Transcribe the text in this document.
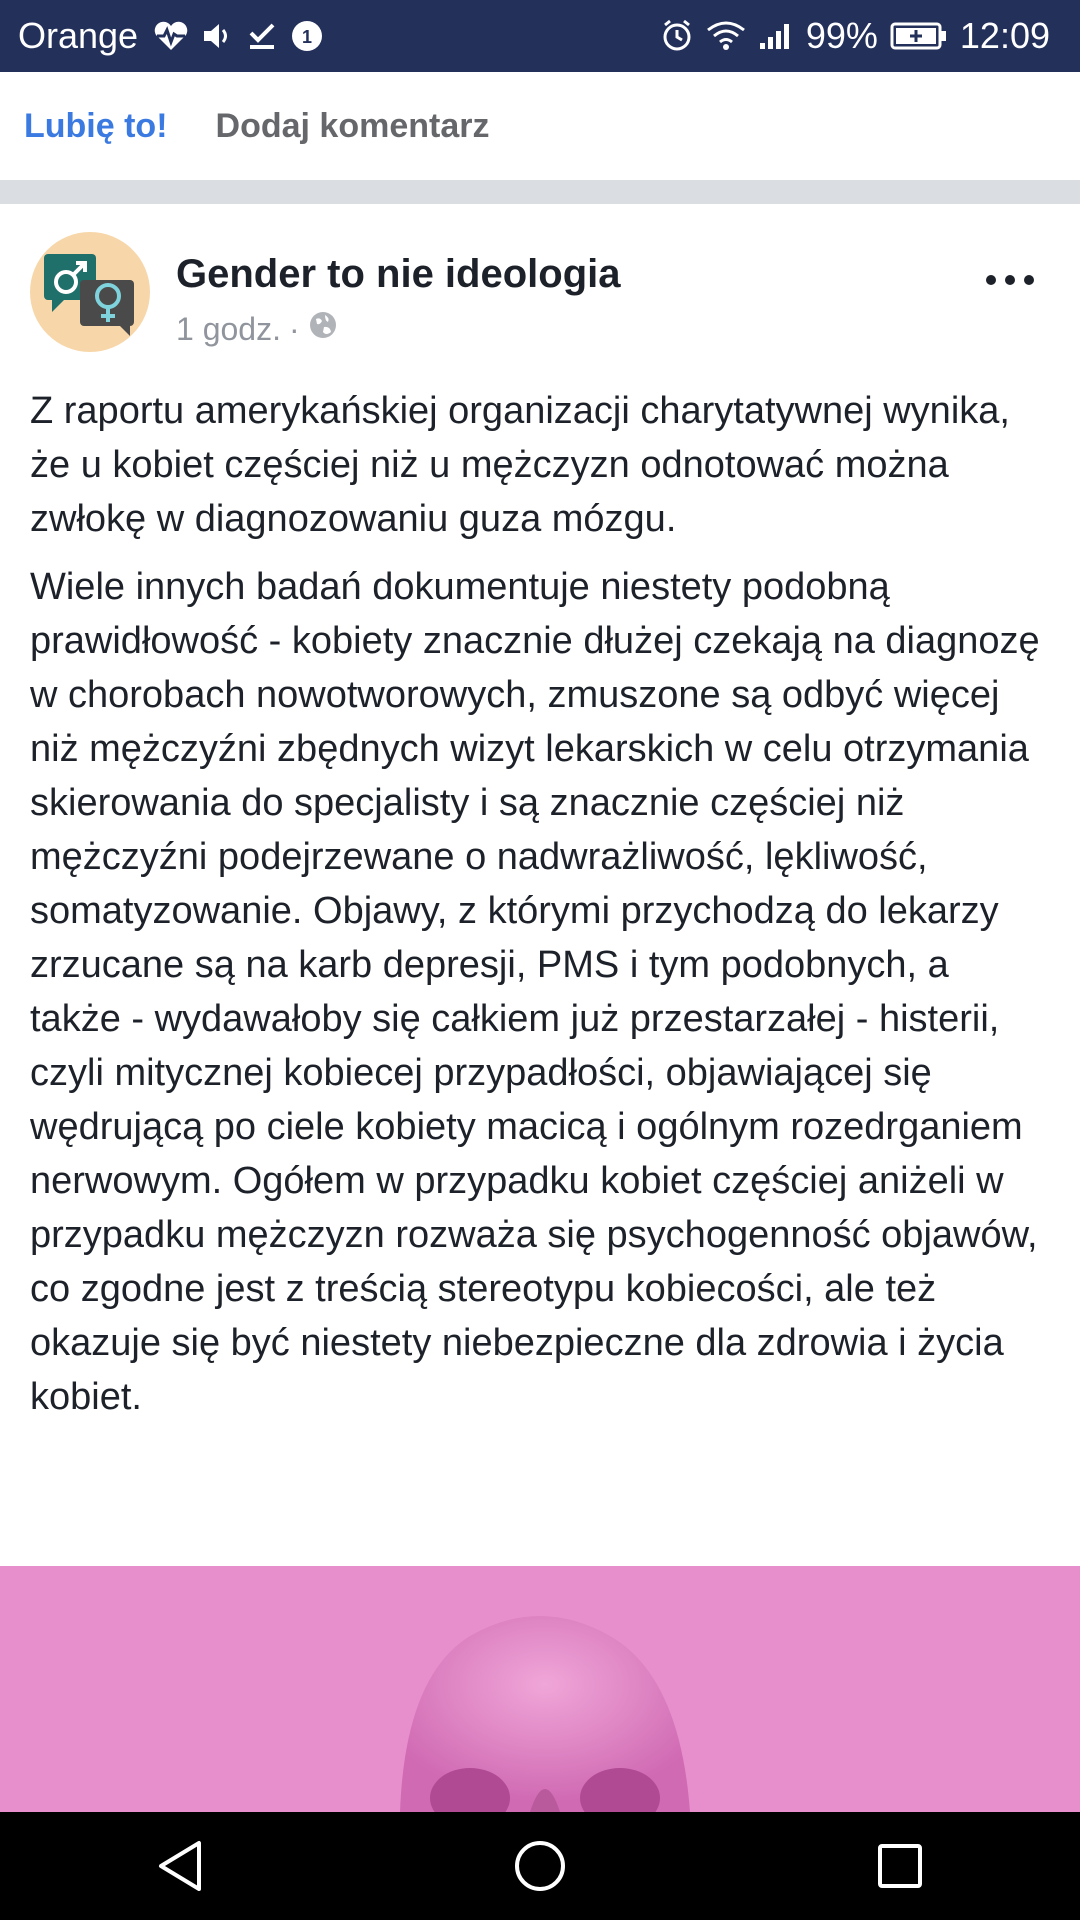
Orange	1	99% 12:09
Lubię to! Dodaj komentarz
Gender to nie ideologia
1 godz. ·

Z raportu amerykańskiej organizacji charytatywnej wynika, że u kobiet częściej niż u mężczyzn odnotować można zwłokę w diagnozowaniu guza mózgu.

Wiele innych badań dokumentuje niestety podobną prawidłowość - kobiety znacznie dłużej czekają na diagnozę w chorobach nowotworowych, zmuszone są odbyć więcej niż mężczyźni zbędnych wizyt lekarskich w celu otrzymania skierowania do specjalisty i są znacznie częściej niż mężczyźni podejrzewane o nadwrażliwość, lękliwość, somatyzowanie. Objawy, z którymi przychodzą do lekarzy zrzucane są na karb depresji, PMS i tym podobnych, a także - wydawałoby się całkiem już przestarzałej - histerii, czyli mitycznej kobiecej przypadłości, objawiającej się wędrującą po ciele kobiety macicą i ogólnym rozedrganiem nerwowym. Ogółem w przypadku kobiet częściej aniżeli w przypadku mężczyzn rozważa się psychogenność objawów, co zgodne jest z treścią stereotypu kobiecości, ale też okazuje się być niestety niebezpieczne dla zdrowia i życia kobiet.
